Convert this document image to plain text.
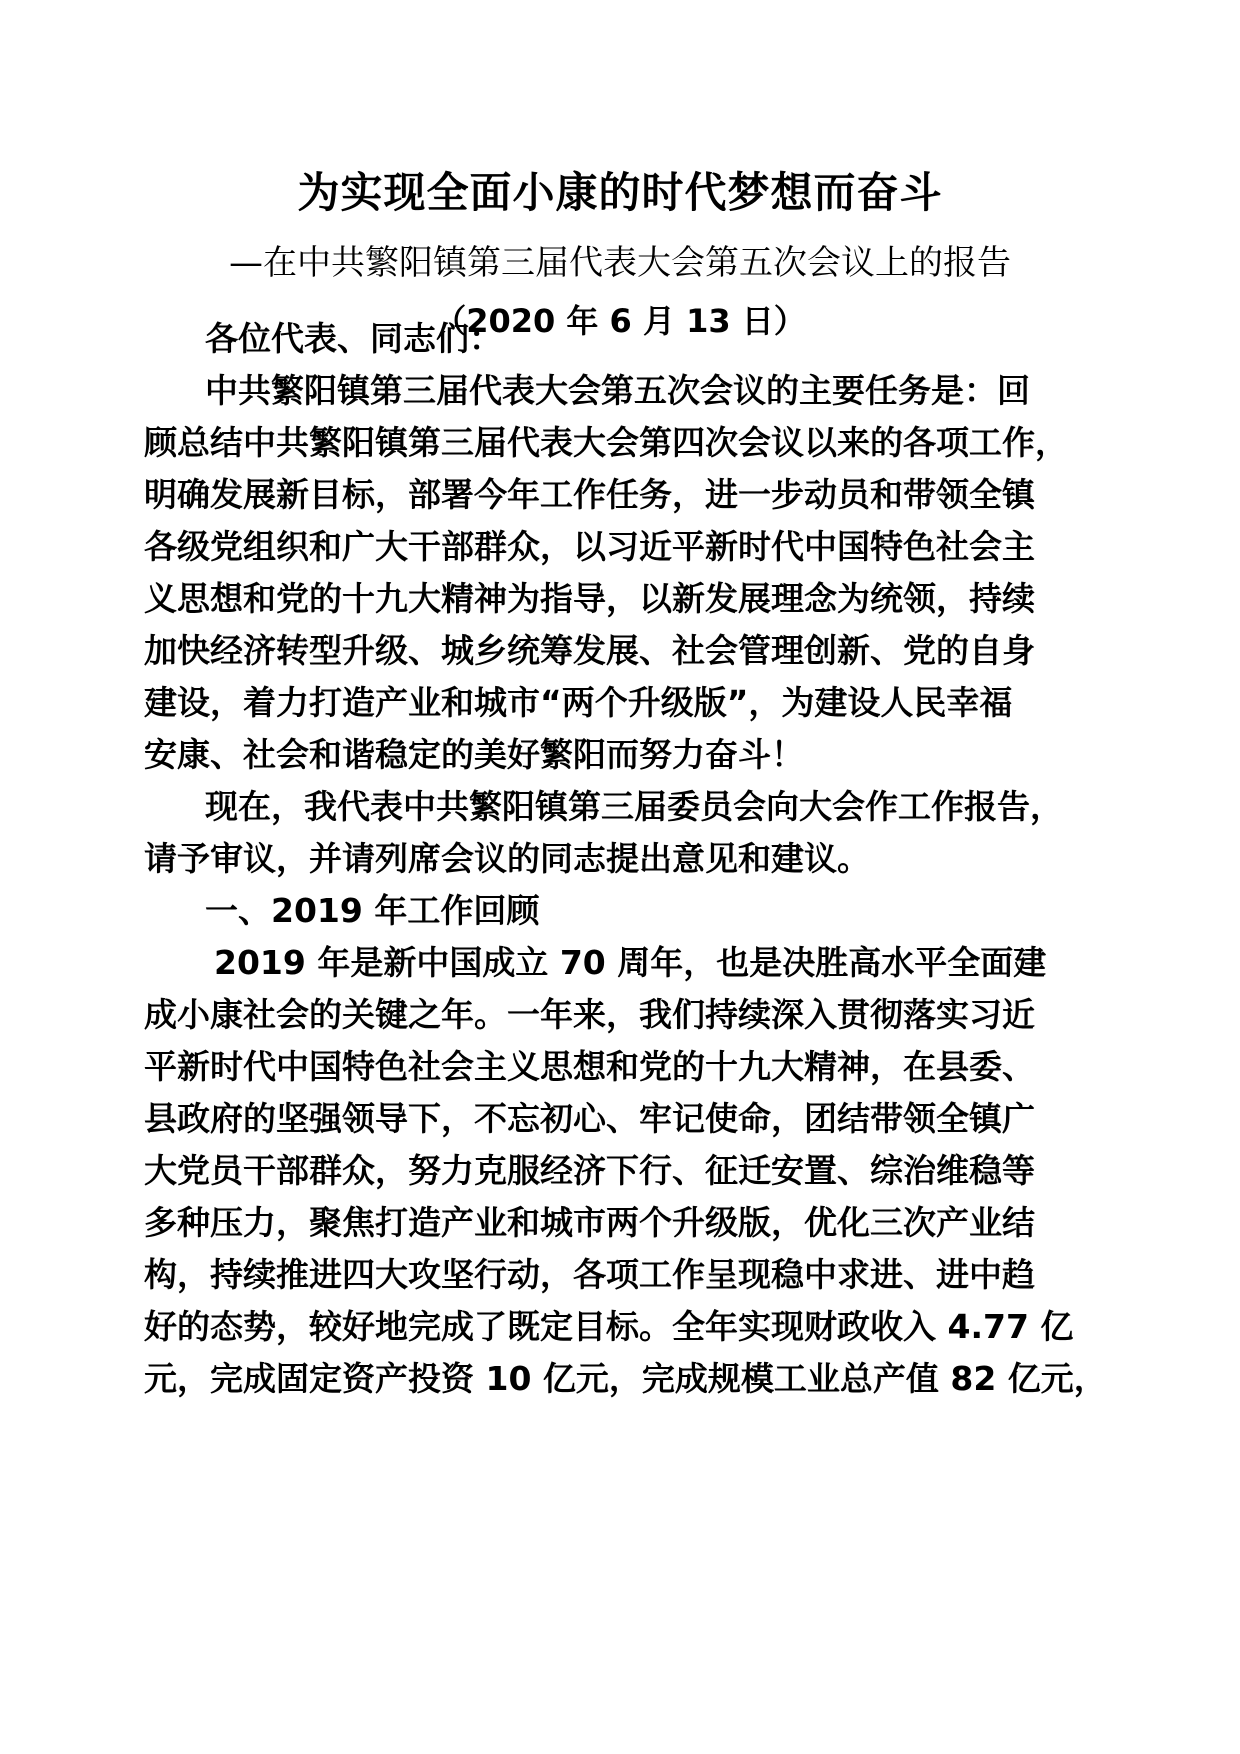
为实现全面小康的时代梦想而奋斗
—在中共繁阳镇第三届代表大会第五次会议上的报告
（2020 年 6 月 13 日）
各位代表、同志们：
中共繁阳镇第三届代表大会第五次会议的主要任务是：回
顾总结中共繁阳镇第三届代表大会第四次会议以来的各项工作，
明确发展新目标，部署今年工作任务，进一步动员和带领全镇
各级党组织和广大干部群众，以习近平新时代中国特色社会主
义思想和党的十九大精神为指导，以新发展理念为统领，持续
加快经济转型升级、城乡统筹发展、社会管理创新、党的自身
建设，着力打造产业和城市“两个升级版”，为建设人民幸福
安康、社会和谐稳定的美好繁阳而努力奋斗！
现在，我代表中共繁阳镇第三届委员会向大会作工作报告，
请予审议，并请列席会议的同志提出意见和建议。
一、2019 年工作回顾
2019 年是新中国成立 70 周年，也是决胜高水平全面建
成小康社会的关键之年。一年来，我们持续深入贯彻落实习近
平新时代中国特色社会主义思想和党的十九大精神，在县委、
县政府的坚强领导下，不忘初心、牢记使命，团结带领全镇广
大党员干部群众，努力克服经济下行、征迁安置、综治维稳等
多种压力，聚焦打造产业和城市两个升级版，优化三次产业结
构，持续推进四大攻坚行动，各项工作呈现稳中求进、进中趋
好的态势，较好地完成了既定目标。全年实现财政收入 4.77 亿
元，完成固定资产投资 10 亿元，完成规模工业总产值 82 亿元，
